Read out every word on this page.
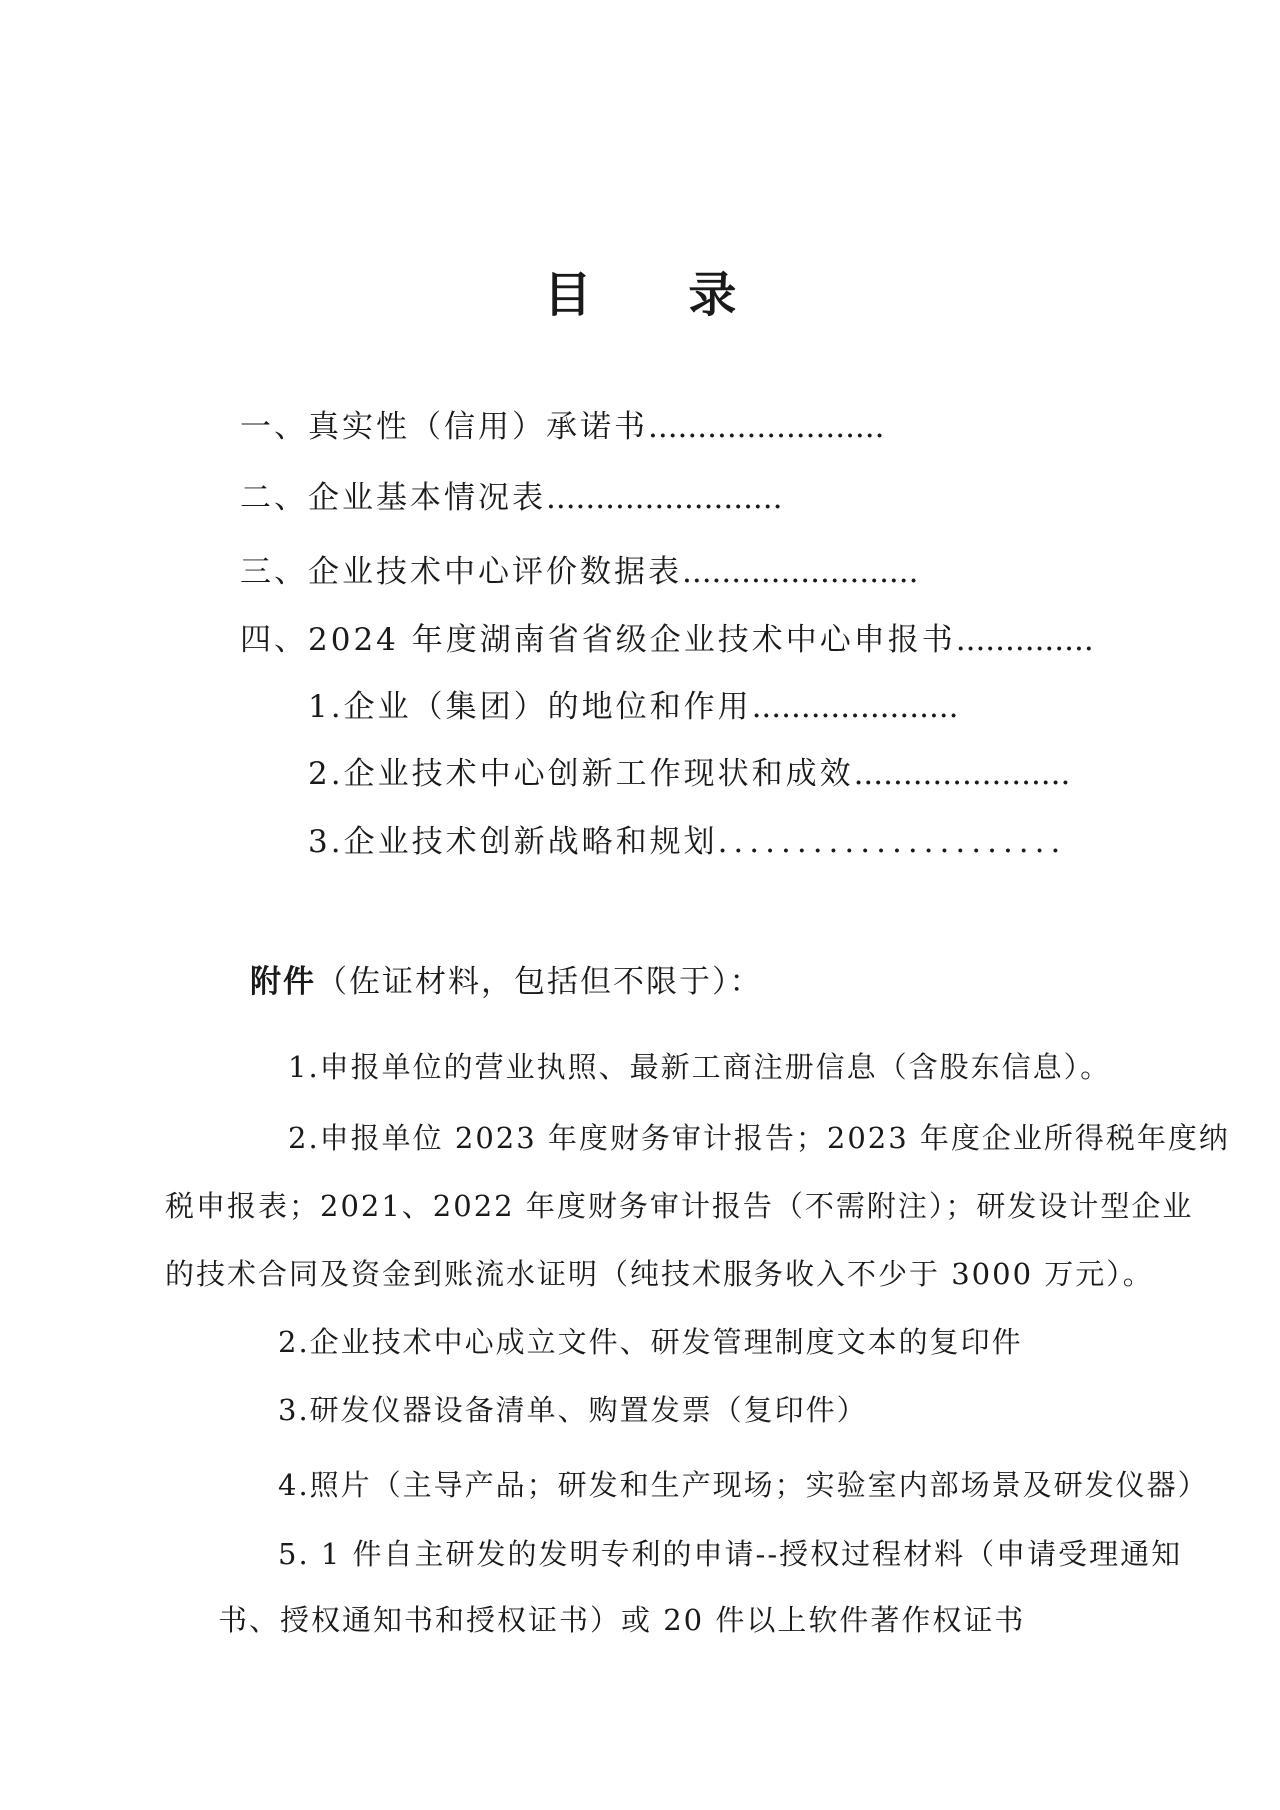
目 录
一、真实性（信用）承诺书........................
二、企业基本情况表........................
三、企业技术中心评价数据表........................
四、2024 年度湖南省省级企业技术中心申报书..............
1.企业（集团）的地位和作用.....................
2.企业技术中心创新工作现状和成效......................
3.企业技术创新战略和规划......................
附件（佐证材料，包括但不限于）：
1.申报单位的营业执照、最新工商注册信息（含股东信息）。
2.申报单位 2023 年度财务审计报告；2023 年度企业所得税年度纳
税申报表；2021、2022 年度财务审计报告（不需附注）；研发设计型企业
的技术合同及资金到账流水证明（纯技术服务收入不少于 3000 万元）。
2.企业技术中心成立文件、研发管理制度文本的复印件
3.研发仪器设备清单、购置发票（复印件）
4.照片（主导产品；研发和生产现场；实验室内部场景及研发仪器）
5. 1 件自主研发的发明专利的申请--授权过程材料（申请受理通知
书、授权通知书和授权证书）或 20 件以上软件著作权证书
